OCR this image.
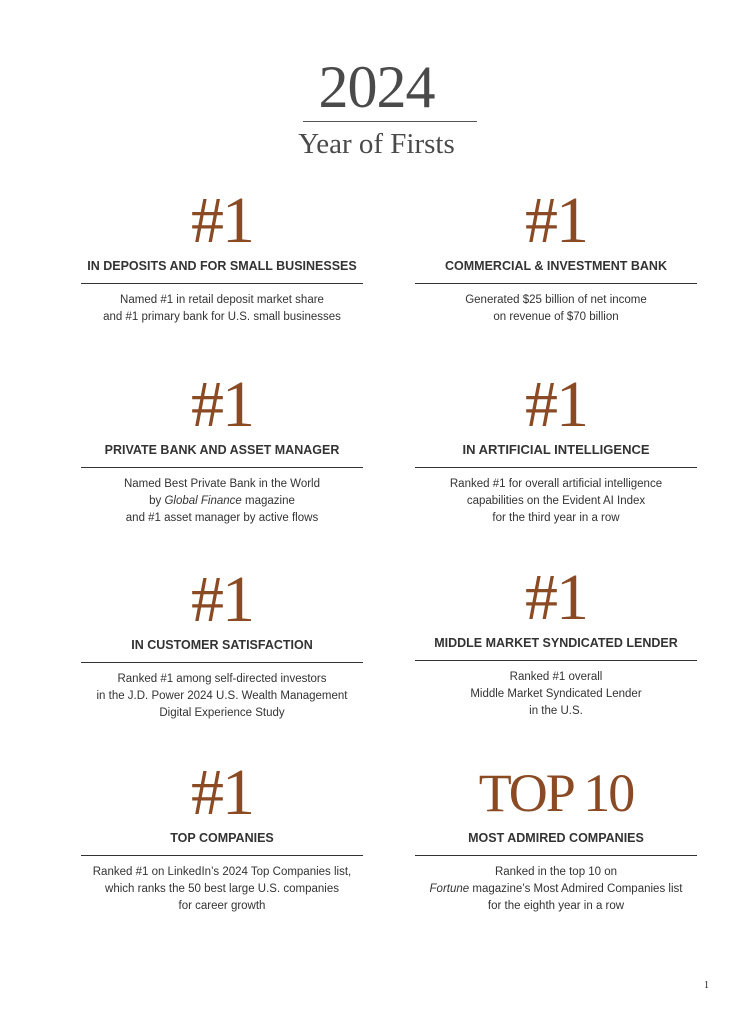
2024
Year of Firsts
#1
IN DEPOSITS AND FOR SMALL BUSINESSES
Named #1 in retail deposit market share
and #1 primary bank for U.S. small businesses
#1
COMMERCIAL & INVESTMENT BANK
Generated $25 billion of net income
on revenue of $70 billion
#1
PRIVATE BANK AND ASSET MANAGER
Named Best Private Bank in the World
by Global Finance magazine
and #1 asset manager by active flows
#1
IN ARTIFICIAL INTELLIGENCE
Ranked #1 for overall artificial intelligence
capabilities on the Evident AI Index
for the third year in a row
#1
IN CUSTOMER SATISFACTION
Ranked #1 among self-directed investors
in the J.D. Power 2024 U.S. Wealth Management
Digital Experience Study
#1
MIDDLE MARKET SYNDICATED LENDER
Ranked #1 overall
Middle Market Syndicated Lender
in the U.S.
#1
TOP COMPANIES
Ranked #1 on LinkedIn’s 2024 Top Companies list,
which ranks the 50 best large U.S. companies
for career growth
TOP 10
MOST ADMIRED COMPANIES
Ranked in the top 10 on
Fortune magazine’s Most Admired Companies list
for the eighth year in a row
1
